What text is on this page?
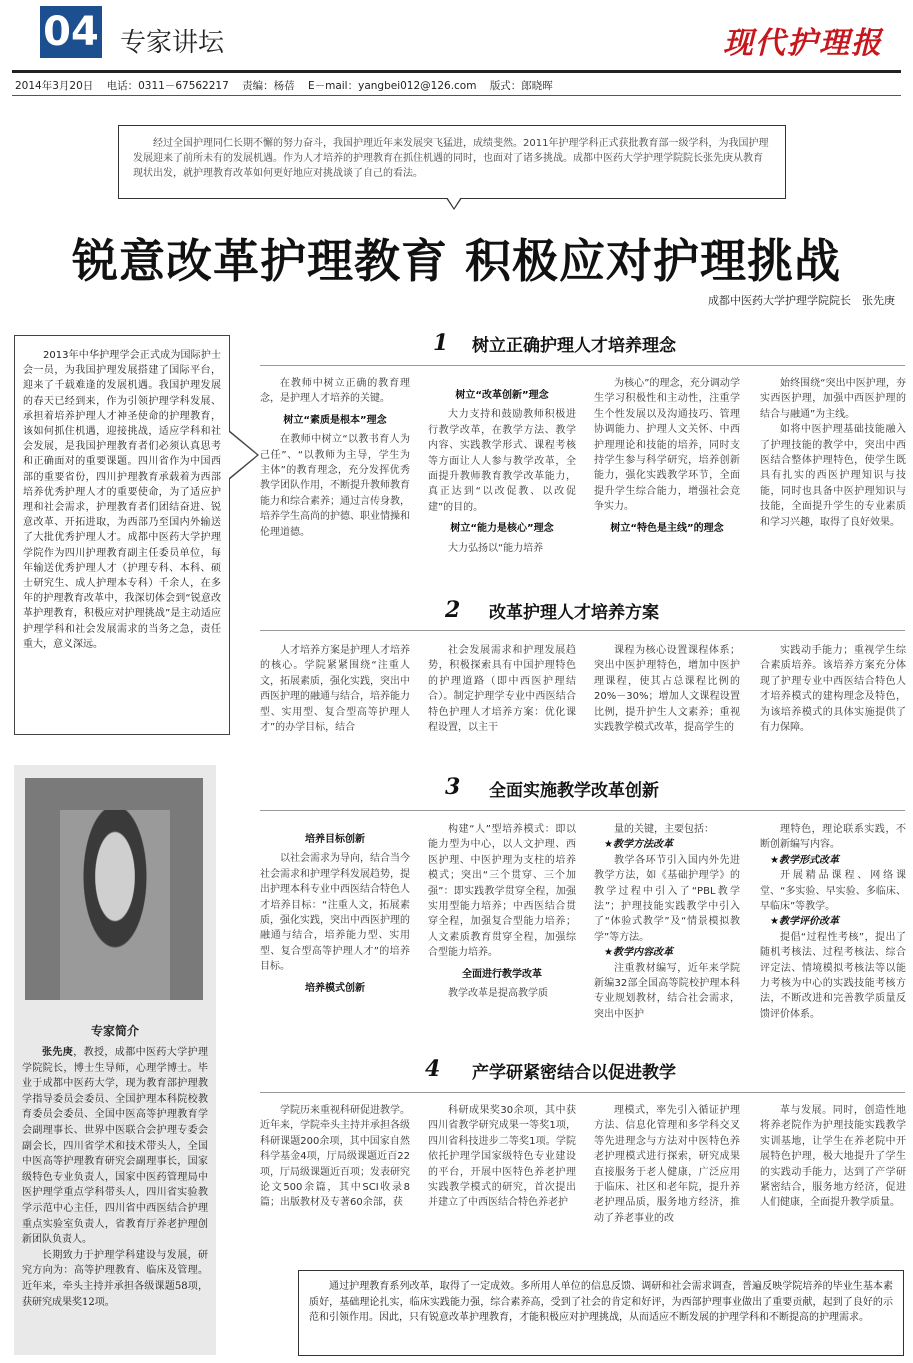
04 专家讲坛	现代护理报
2014年3月20日 电话：0311－67562217 责编：杨蓓 E－mail：yangbei012@126.com 版式：郎晓晖
经过全国护理同仁长期不懈的努力奋斗，我国护理近年来发展突飞猛进，成绩斐然。2011年护理学科正式获批教育部一级学科，为我国护理发展迎来了前所未有的发展机遇。作为人才培养的护理教育在抓住机遇的同时，也面对了诸多挑战。成都中医药大学护理学院院长张先庚从教育现状出发，就护理教育改革如何更好地应对挑战谈了自己的看法。
锐意改革护理教育 积极应对护理挑战
成都中医药大学护理学院院长　张先庚
2013年中华护理学会正式成为国际护士会一员，为我国护理发展搭建了国际平台，迎来了千载难逢的发展机遇。我国护理发展的春天已经到来，作为引领护理学科发展、承担着培养护理人才神圣使命的护理教育，该如何抓住机遇，迎接挑战，适应学科和社会发展，是我国护理教育者们必须认真思考和正确面对的重要课题。四川省作为中国西部的重要省份，四川护理教育承载着为西部培养优秀护理人才的重要使命，为了适应护理和社会需求，护理教育者们团结奋进、锐意改革、开拓进取，为西部乃至国内外输送了大批优秀护理人才。成都中医药大学护理学院作为四川护理教育副主任委员单位，每年输送优秀护理人才（护理专科、本科、硕士研究生、成人护理本专科）千余人，在多年的护理教育改革中，我深切体会到“锐意改革护理教育，积极应对护理挑战”是主动适应护理学科和社会发展需求的当务之急，责任重大，意义深远。
专家简介
张先庚，教授，成都中医药大学护理学院院长，博士生导师，心理学博士。毕业于成都中医药大学，现为教育部护理教学指导委员会委员、全国护理本科院校教育委员会委员、全国中医高等护理教育学会副理事长、世界中医联合会护理专委会副会长，四川省学术和技术带头人，全国中医高等护理教育研究会副理事长，国家级特色专业负责人，国家中医药管理局中医护理学重点学科带头人，四川省实验教学示范中心主任，四川省中西医结合护理重点实验室负责人，省教育厅养老护理创新团队负责人。
长期致力于护理学科建设与发展，研究方向为：高等护理教育、临床及管理。近年来，牵头主持并承担各级课题58项，获研究成果奖12项。
1 树立正确护理人才培养理念

在教师中树立正确的教育理念，是护理人才培养的关键。

树立“素质是根本”理念

在教师中树立“以教书育人为己任”、“以教师为主导，学生为主体”的教育理念，充分发挥优秀教学团队作用，不断提升教师教育能力和综合素养；通过言传身教，培养学生高尚的护德、职业情操和伦理道德。

树立“改革创新”理念

大力支持和鼓励教师积极进行教学改革，在教学方法、教学内容、实践教学形式、课程考核等方面让人人参与教学改革，全面提升教师教育教学改革能力，真正达到“以改促教、以改促建”的目的。

树立“能力是核心”理念

大力弘扬以“能力培养

为核心”的理念，充分调动学生学习积极性和主动性，注重学生个性发展以及沟通技巧、管理协调能力、护理人文关怀、中西护理理论和技能的培养，同时支持学生参与科学研究，培养创新能力，强化实践教学环节，全面提升学生综合能力，增强社会竞争实力。

树立“特色是主线”的理念

始终围绕“突出中医护理，夯实西医护理，加强中西医护理的结合与融通”为主线。

如将中医护理基础技能融入了护理技能的教学中，突出中西医结合整体护理特色，使学生既具有扎实的西医护理知识与技能，同时也具备中医护理知识与技能，全面提升学生的专业素质和学习兴趣，取得了良好效果。

2 改革护理人才培养方案

人才培养方案是护理人才培养的核心。学院紧紧围绕“注重人文，拓展素质，强化实践，突出中西医护理的融通与结合，培养能力型、实用型、复合型高等护理人才”的办学目标，结合

社会发展需求和护理发展趋势，积极探索具有中国护理特色的护理道路（即中西医护理结合）。制定护理学专业中西医结合特色护理人才培养方案：优化课程设置，以主干

课程为核心设置课程体系；突出中医护理特色，增加中医护理课程，使其占总课程比例的20%－30%；增加人文课程设置比例，提升护生人文素养；重视实践教学模式改革，提高学生的

实践动手能力；重视学生综合素质培养。该培养方案充分体现了护理专业中西医结合特色人才培养模式的建构理念及特色，为该培养模式的具体实施提供了有力保障。

3 全面实施教学改革创新

培养目标创新

以社会需求为导向，结合当今社会需求和护理学科发展趋势，提出护理本科专业中西医结合特色人才培养目标：“注重人文，拓展素质，强化实践，突出中西医护理的融通与结合，培养能力型、实用型、复合型高等护理人才”的培养目标。

培养模式创新

构建“人”型培养模式：即以能力型为中心，以人文护理、西医护理、中医护理为支柱的培养模式；突出“三个贯穿、三个加强”：即实践教学贯穿全程，加强实用型能力培养；中西医结合贯穿全程，加强复合型能力培养；人文素质教育贯穿全程，加强综合型能力培养。

全面进行教学改革

教学改革是提高教学质

量的关键，主要包括：

★教学方法改革

教学各环节引入国内外先进教学方法，如《基础护理学》的教学过程中引入了“PBL教学法”；护理技能实践教学中引入了“体验式教学”及“情景模拟教学”等方法。

★教学内容改革

注重教材编写，近年来学院新编32部全国高等院校护理本科专业规划教材，结合社会需求，突出中医护

理特色，理论联系实践，不断创新编写内容。

★教学形式改革

开展精品课程、网络课堂、“多实验、早实验、多临床、早临床”等教学。

★教学评价改革

提倡“过程性考核”，提出了随机考核法、过程考核法、综合评定法、情境模拟考核法等以能力考核为中心的实践技能考核方法，不断改进和完善教学质量反馈评价体系。

4 产学研紧密结合以促进教学

学院历来重视科研促进教学。近年来，学院牵头主持并承担各级科研课题200余项，其中国家自然科学基金4项，厅局级课题近百22项，厅局级课题近百项；发表研究论文500余篇，其中SCI收录8篇；出版教材及专著60余部，获

科研成果奖30余项，其中获四川省教学研究成果一等奖1项，四川省科技进步二等奖1项。学院依托护理学国家级特色专业建设的平台，开展中医特色养老护理实践教学模式的研究，首次提出并建立了中西医结合特色养老护

理模式，率先引入循证护理方法、信息化管理和多学科交叉等先进理念与方法对中医特色养老护理模式进行探索，研究成果直接服务于老人健康，广泛应用于临床、社区和老年院，提升养老护理品质，服务地方经济，推动了养老事业的改

革与发展。同时，创造性地将养老院作为护理技能实践教学实训基地，让学生在养老院中开展特色护理，极大地提升了学生的实践动手能力，达到了产学研紧密结合，服务地方经济，促进人们健康，全面提升教学质量。

通过护理教育系列改革，取得了一定成效。多所用人单位的信息反馈、调研和社会需求调查，普遍反映学院培养的毕业生基本素质好，基础理论扎实，临床实践能力强，综合素养高，受到了社会的肯定和好评，为西部护理事业做出了重要贡献，起到了良好的示范和引领作用。因此，只有锐意改革护理教育，才能积极应对护理挑战，从而适应不断发展的护理学科和不断提高的护理需求。
